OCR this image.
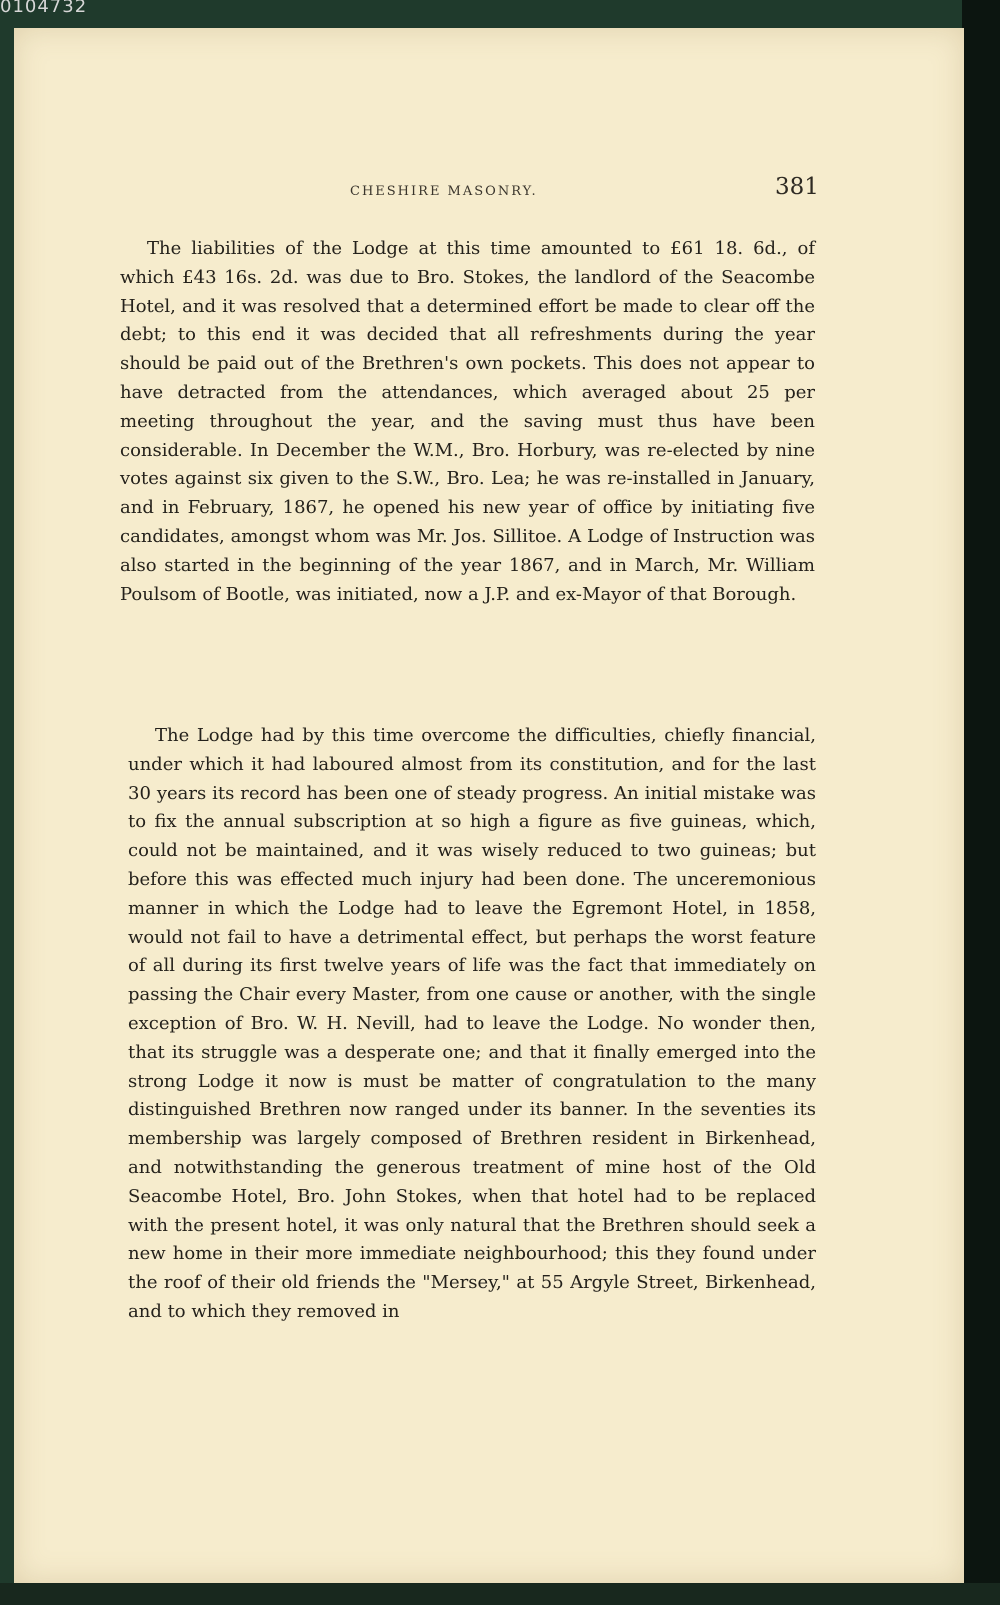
0104732
CHESHIRE MASONRY.	381

The liabilities of the Lodge at this time amounted to £61 18. 6d., of which £43 16s. 2d. was due to Bro. Stokes, the landlord of the Seacombe Hotel, and it was resolved that a determined effort be made to clear off the debt; to this end it was decided that all refreshments during the year should be paid out of the Brethren's own pockets. This does not appear to have detracted from the attendances, which averaged about 25 per meeting throughout the year, and the saving must thus have been considerable. In December the W.M., Bro. Horbury, was re-elected by nine votes against six given to the S.W., Bro. Lea; he was re-installed in January, and in February, 1867, he opened his new year of office by initiating five candidates, amongst whom was Mr. Jos. Sillitoe. A Lodge of Instruction was also started in the beginning of the year 1867, and in March, Mr. William Poulsom of Bootle, was initiated, now a J.P. and ex-Mayor of that Borough.

The Lodge had by this time overcome the difficulties, chiefly financial, under which it had laboured almost from its constitution, and for the last 30 years its record has been one of steady progress. An initial mistake was to fix the annual subscription at so high a figure as five guineas, which, could not be maintained, and it was wisely reduced to two guineas; but before this was effected much injury had been done. The unceremonious manner in which the Lodge had to leave the Egremont Hotel, in 1858, would not fail to have a detrimental effect, but perhaps the worst feature of all during its first twelve years of life was the fact that immediately on passing the Chair every Master, from one cause or another, with the single exception of Bro. W. H. Nevill, had to leave the Lodge. No wonder then, that its struggle was a desperate one; and that it finally emerged into the strong Lodge it now is must be matter of congratulation to the many distinguished Brethren now ranged under its banner. In the seventies its membership was largely composed of Brethren resident in Birkenhead, and notwithstanding the generous treatment of mine host of the Old Seacombe Hotel, Bro. John Stokes, when that hotel had to be replaced with the present hotel, it was only natural that the Brethren should seek a new home in their more immediate neighbourhood; this they found under the roof of their old friends the "Mersey," at 55 Argyle Street, Birkenhead, and to which they removed in
